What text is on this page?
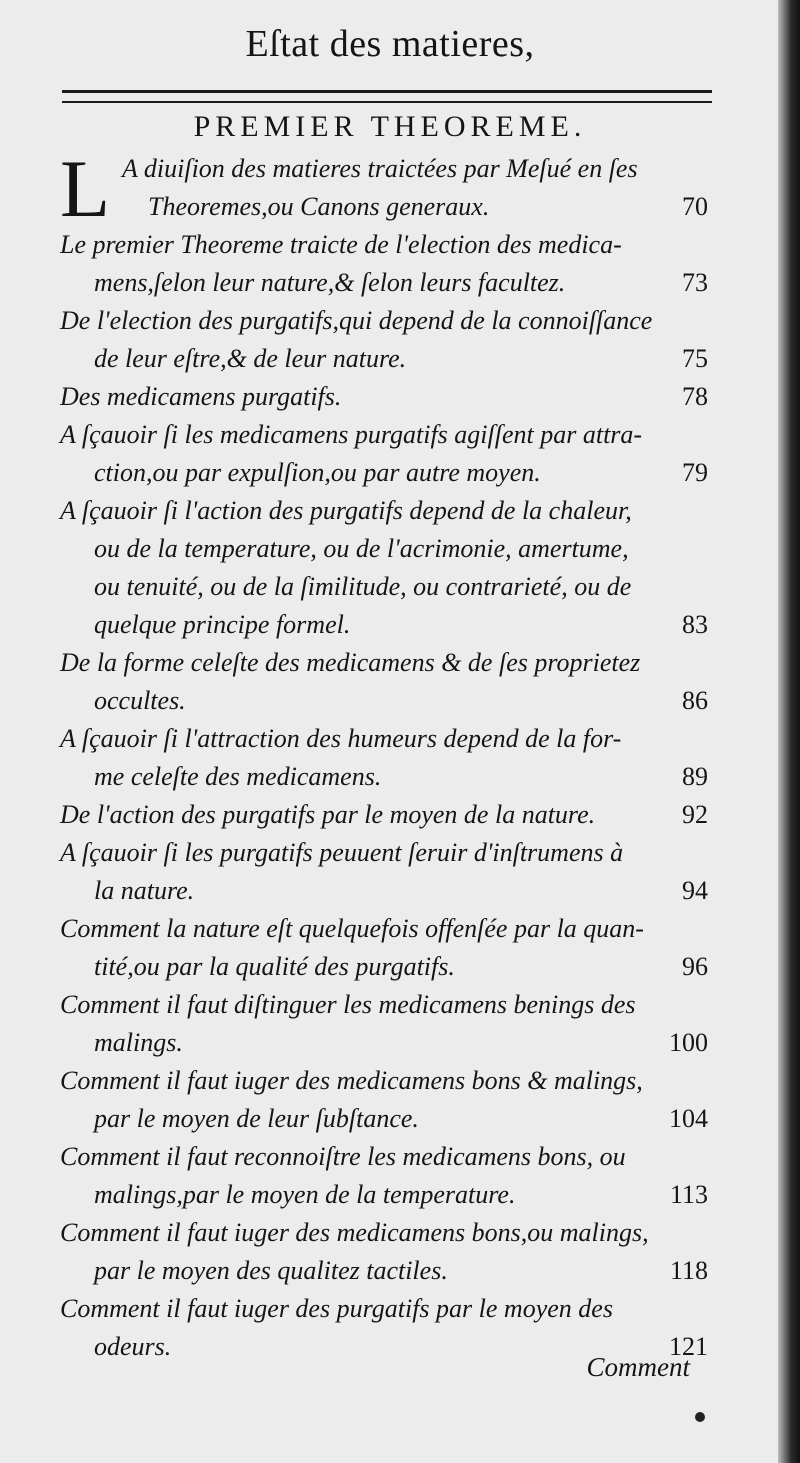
Eſtat des matieres,
PREMIER THEOREME.
L A diuiſion des matieres traictées par Meſué en ſes
Theoremes,ou Canons generaux.	70
Le premier Theoreme traicte de l'election des medica-
mens,ſelon leur nature,& ſelon leurs facultez.	73
De l'election des purgatifs,qui depend de la connoiſſance
de leur eſtre,& de leur nature.	75
Des medicamens purgatifs.	78
A ſçauoir ſi les medicamens purgatifs agiſſent par attra-
ction,ou par expulſion,ou par autre moyen.	79
A ſçauoir ſi l'action des purgatifs depend de la chaleur,
ou de la temperature, ou de l'acrimonie, amertume,
ou tenuité, ou de la ſimilitude, ou contrarieté, ou de
quelque principe formel.	83
De la forme celeſte des medicamens & de ſes proprietez
occultes.	86
A ſçauoir ſi l'attraction des humeurs depend de la for-
me celeſte des medicamens.	89
De l'action des purgatifs par le moyen de la nature.	92
A ſçauoir ſi les purgatifs peuuent ſeruir d'inſtrumens à
la nature.	94
Comment la nature eſt quelquefois offenſée par la quan-
tité,ou par la qualité des purgatifs.	96
Comment il faut diſtinguer les medicamens benings des
malings.	100
Comment il faut iuger des medicamens bons & malings,
par le moyen de leur ſubſtance.	104
Comment il faut reconnoiſtre les medicamens bons, ou
malings,par le moyen de la temperature.	113
Comment il faut iuger des medicamens bons,ou malings,
par le moyen des qualitez tactiles.	118
Comment il faut iuger des purgatifs par le moyen des
odeurs.	121
Comment
